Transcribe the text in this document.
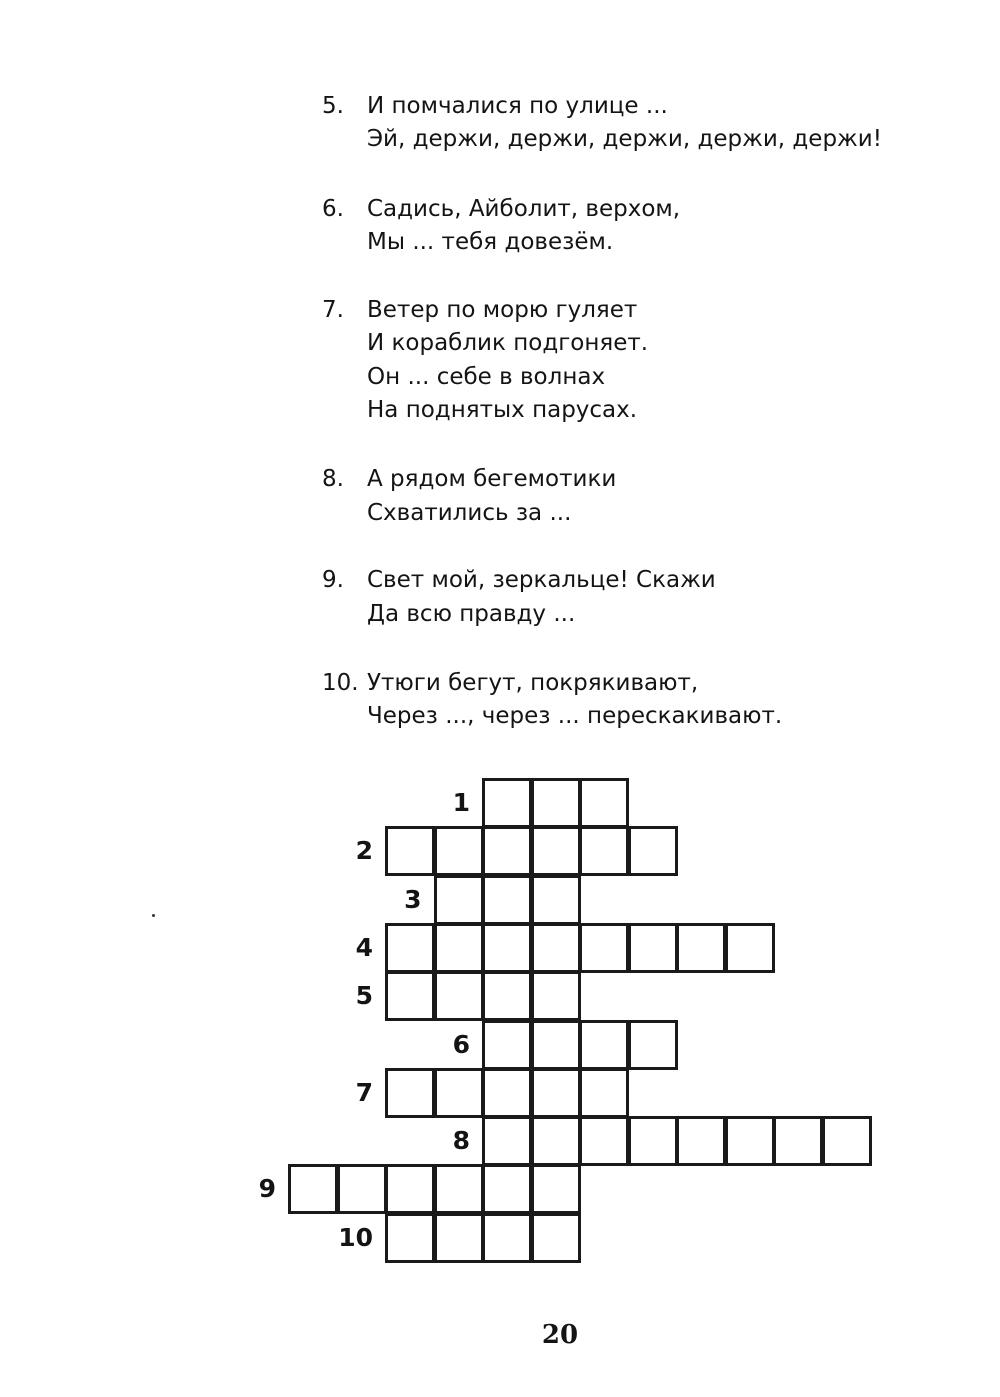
5. И помчалися по улице ...
Эй, держи, держи, держи, держи, держи!
6. Садись, Айболит, верхом,
Мы ... тебя довезём.
7. Ветер по морю гуляет
И кораблик подгоняет.
Он ... себе в волнах
На поднятых парусах.
8. А рядом бегемотики
Схватились за ...
9. Свет мой, зеркальце! Скажи
Да всю правду ...
10. Утюги бегут, покрякивают,
Через ..., через ... перескакивают.
1
2
3
4
5
6
7
8
9
10
20
